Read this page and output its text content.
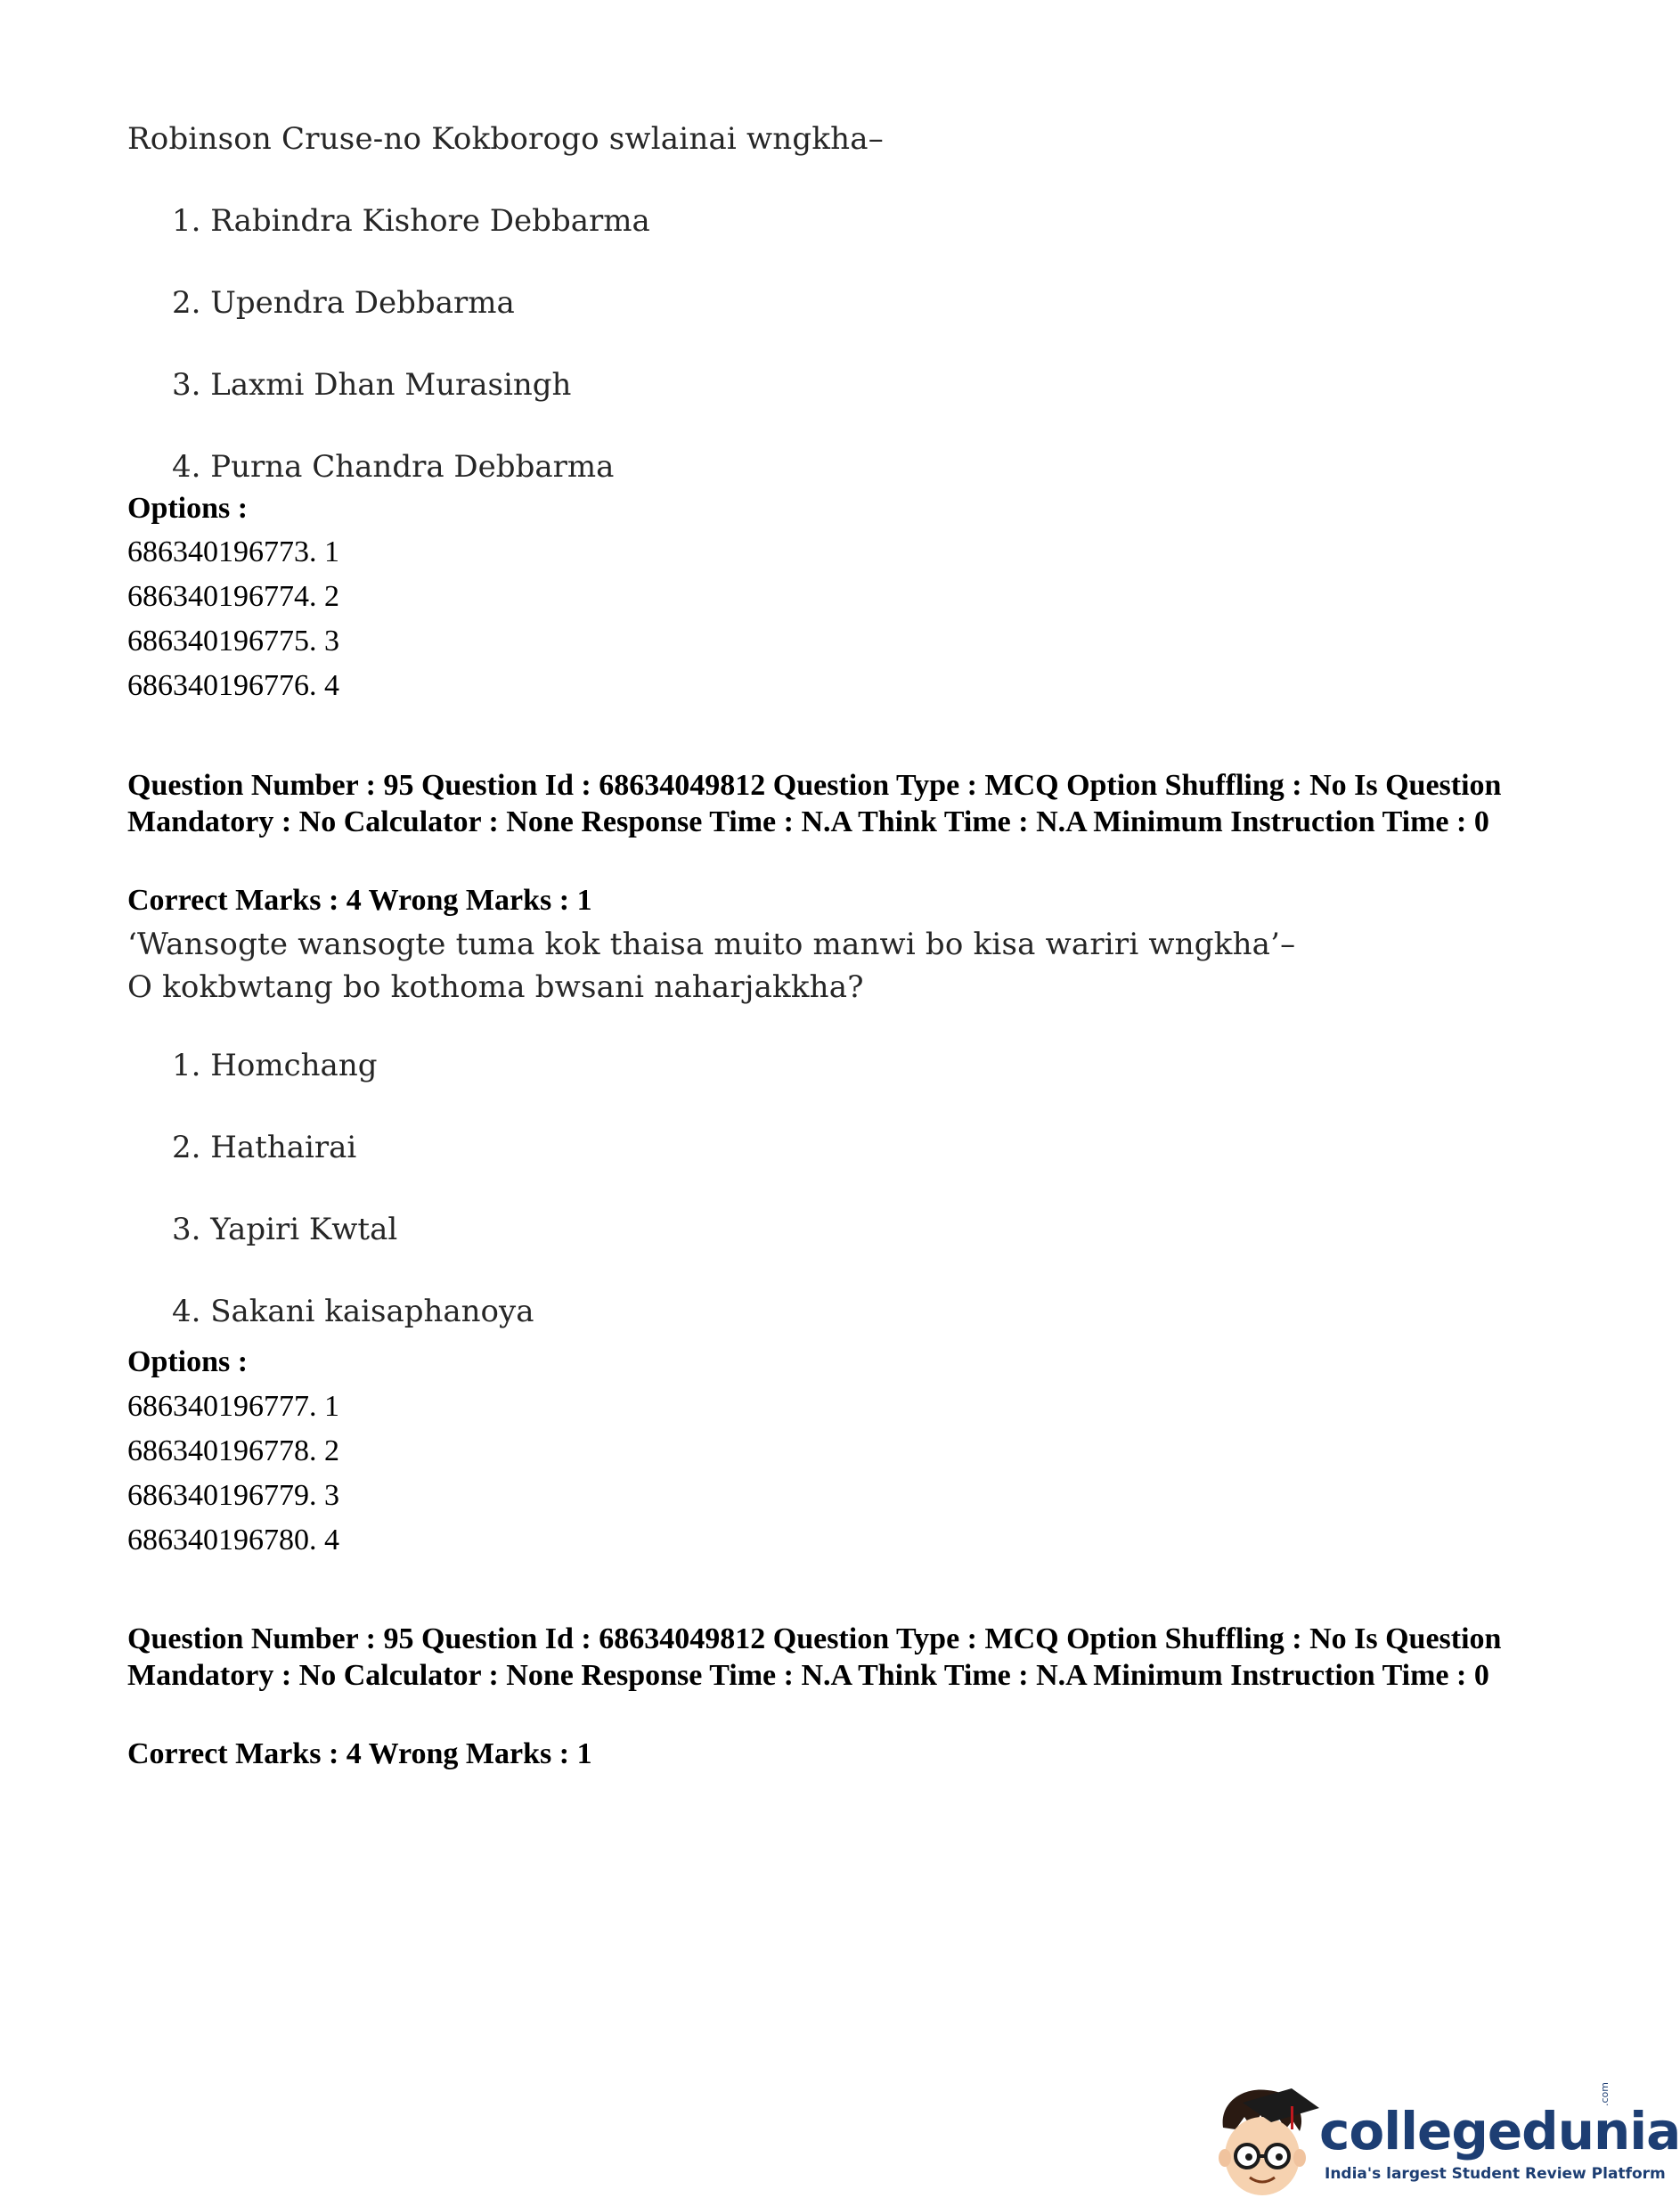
Robinson Cruse-no Kokborogo swlainai wngkha–
1. Rabindra Kishore Debbarma
2. Upendra Debbarma
3. Laxmi Dhan Murasingh
4. Purna Chandra Debbarma
Options :
686340196773. 1
686340196774. 2
686340196775. 3
686340196776. 4
Question Number : 95 Question Id : 68634049812 Question Type : MCQ Option Shuffling : No Is Question Mandatory : No Calculator : None Response Time : N.A Think Time : N.A Minimum Instruction Time : 0
Correct Marks : 4 Wrong Marks : 1
‘Wansogte wansogte tuma kok thaisa muito manwi bo kisa wariri wngkha’–
O kokbwtang bo kothoma bwsani naharjakkha?
1. Homchang
2. Hathairai
3. Yapiri Kwtal
4. Sakani kaisaphanoya
Options :
686340196777. 1
686340196778. 2
686340196779. 3
686340196780. 4
Question Number : 95 Question Id : 68634049812 Question Type : MCQ Option Shuffling : No Is Question Mandatory : No Calculator : None Response Time : N.A Think Time : N.A Minimum Instruction Time : 0
Correct Marks : 4 Wrong Marks : 1
collegedunia
.com
India's largest Student Review Platform
